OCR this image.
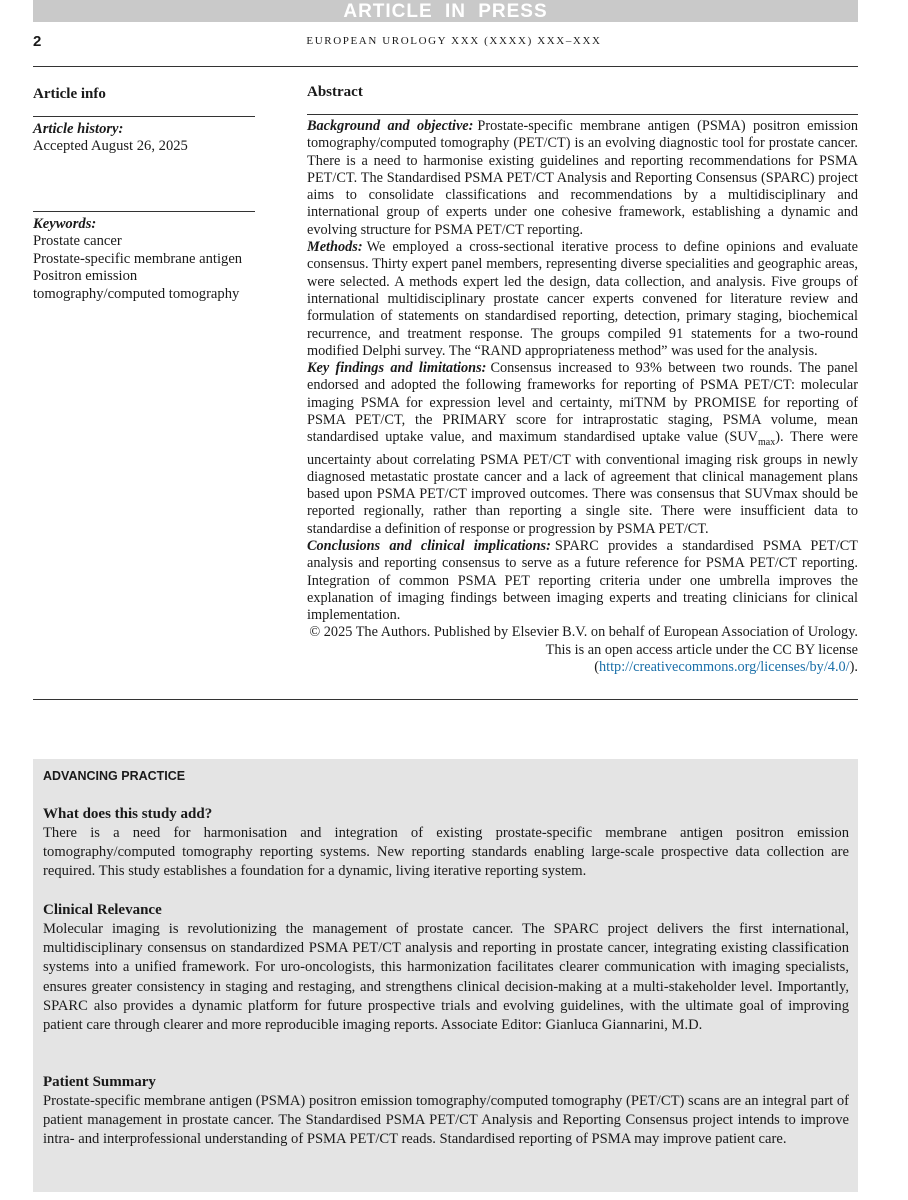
ARTICLE IN PRESS
2	EUROPEAN UROLOGY XXX (XXXX) XXX–XXX
Article info	Abstract
Article history:
Accepted August 26, 2025
Keywords:
Prostate cancer
Prostate-specific membrane antigen
Positron emission tomography/computed tomography

Background and objective: Prostate-specific membrane antigen (PSMA) positron emission tomography/computed tomography (PET/CT) is an evolving diagnostic tool for prostate cancer. There is a need to harmonise existing guidelines and reporting recommendations for PSMA PET/CT. The Standardised PSMA PET/CT Analysis and Reporting Consensus (SPARC) project aims to consolidate classifications and recommendations by a multidisciplinary and international group of experts under one cohesive framework, establishing a dynamic and evolving structure for PSMA PET/CT reporting.

Methods: We employed a cross-sectional iterative process to define opinions and evaluate consensus. Thirty expert panel members, representing diverse specialities and geographic areas, were selected. A methods expert led the design, data collection, and analysis. Five groups of international multidisciplinary prostate cancer experts convened for literature review and formulation of statements on standardised reporting, detection, primary staging, biochemical recurrence, and treatment response. The groups compiled 91 statements for a two-round modified Delphi survey. The “RAND appropriateness method” was used for the analysis.

Key findings and limitations: Consensus increased to 93% between two rounds. The panel endorsed and adopted the following frameworks for reporting of PSMA PET/CT: molecular imaging PSMA for expression level and certainty, miTNM by PROMISE for reporting of PSMA PET/CT, the PRIMARY score for intraprostatic staging, PSMA volume, mean standardised uptake value, and maximum standardised uptake value $(SUV_{max})$. There were uncertainty about correlating PSMA PET/CT with conventional imaging risk groups in newly diagnosed metastatic prostate cancer and a lack of agreement that clinical management plans based upon PSMA PET/CT improved outcomes. There was consensus that SUVmax should be reported regionally, rather than reporting a single site. There were insufficient data to standardise a definition of response or progression by PSMA PET/CT.

Conclusions and clinical implications: SPARC provides a standardised PSMA PET/CT analysis and reporting consensus to serve as a future reference for PSMA PET/CT reporting. Integration of common PSMA PET reporting criteria under one umbrella improves the explanation of imaging findings between imaging experts and treating clinicians for clinical implementation.

© 2025 The Authors. Published by Elsevier B.V. on behalf of European Association of Urology. This is an open access article under the CC BY license (http://creativecommons.org/licenses/by/4.0/).

ADVANCING PRACTICE
What does this study add?

There is a need for harmonisation and integration of existing prostate-specific membrane antigen positron emission tomography/computed tomography reporting systems. New reporting standards enabling large-scale prospective data collection are required. This study establishes a foundation for a dynamic, living iterative reporting system.

Clinical Relevance

Molecular imaging is revolutionizing the management of prostate cancer. The SPARC project delivers the first international, multidisciplinary consensus on standardized PSMA PET/CT analysis and reporting in prostate cancer, integrating existing classification systems into a unified framework. For uro-oncologists, this harmonization facilitates clearer communication with imaging specialists, ensures greater consistency in staging and restaging, and strengthens clinical decision-making at a multi-stakeholder level. Importantly, SPARC also provides a dynamic platform for future prospective trials and evolving guidelines, with the ultimate goal of improving patient care through clearer and more reproducible imaging reports. Associate Editor: Gianluca Giannarini, M.D.

Patient Summary

Prostate-specific membrane antigen (PSMA) positron emission tomography/computed tomography (PET/CT) scans are an integral part of patient management in prostate cancer. The Standardised PSMA PET/CT Analysis and Reporting Consensus project intends to improve intra- and interprofessional understanding of PSMA PET/CT reads. Standardised reporting of PSMA may improve patient care.
